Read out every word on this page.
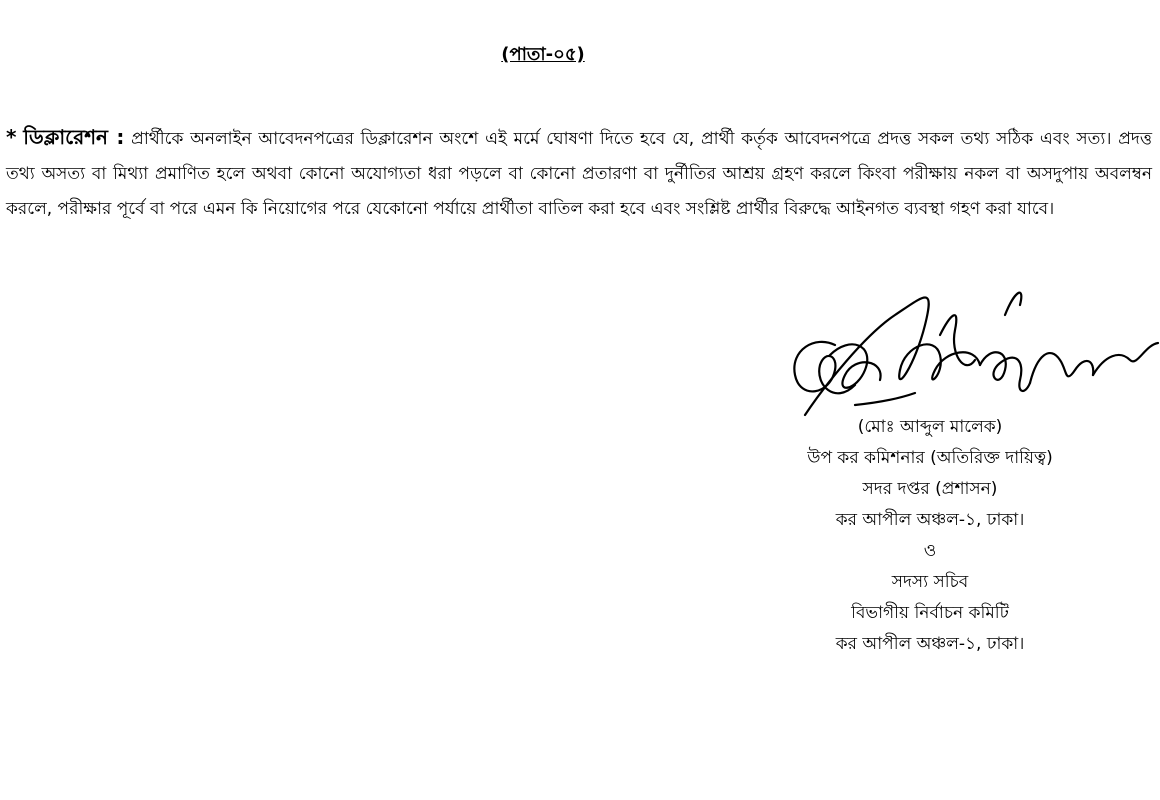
(পাতা-০৫)
* ডিক্লারেশন : প্রার্থীকে অনলাইন আবেদনপত্রের ডিক্লারেশন অংশে এই মর্মে ঘোষণা দিতে হবে যে, প্রার্থী কর্তৃক আবেদনপত্রে প্রদত্ত সকল তথ্য সঠিক এবং সত্য। প্রদত্ত তথ্য অসত্য বা মিথ্যা প্রমাণিত হলে অথবা কোনো অযোগ্যতা ধরা পড়লে বা কোনো প্রতারণা বা দুর্নীতির আশ্রয় গ্রহণ করলে কিংবা পরীক্ষায় নকল বা অসদুপায় অবলম্বন করলে, পরীক্ষার পূর্বে বা পরে এমন কি নিয়োগের পরে যেকোনো পর্যায়ে প্রার্থীতা বাতিল করা হবে এবং সংশ্লিষ্ট প্রার্থীর বিরুদ্ধে আইনগত ব্যবস্থা গহণ করা যাবে।
(মোঃ আব্দুল মালেক)
উপ কর কমিশনার (অতিরিক্ত দায়িত্ব)
সদর দপ্তর (প্রশাসন)
কর আপীল অঞ্চল-১, ঢাকা।
ও
সদস্য সচিব
বিভাগীয় নির্বাচন কমিটি
কর আপীল অঞ্চল-১, ঢাকা।
